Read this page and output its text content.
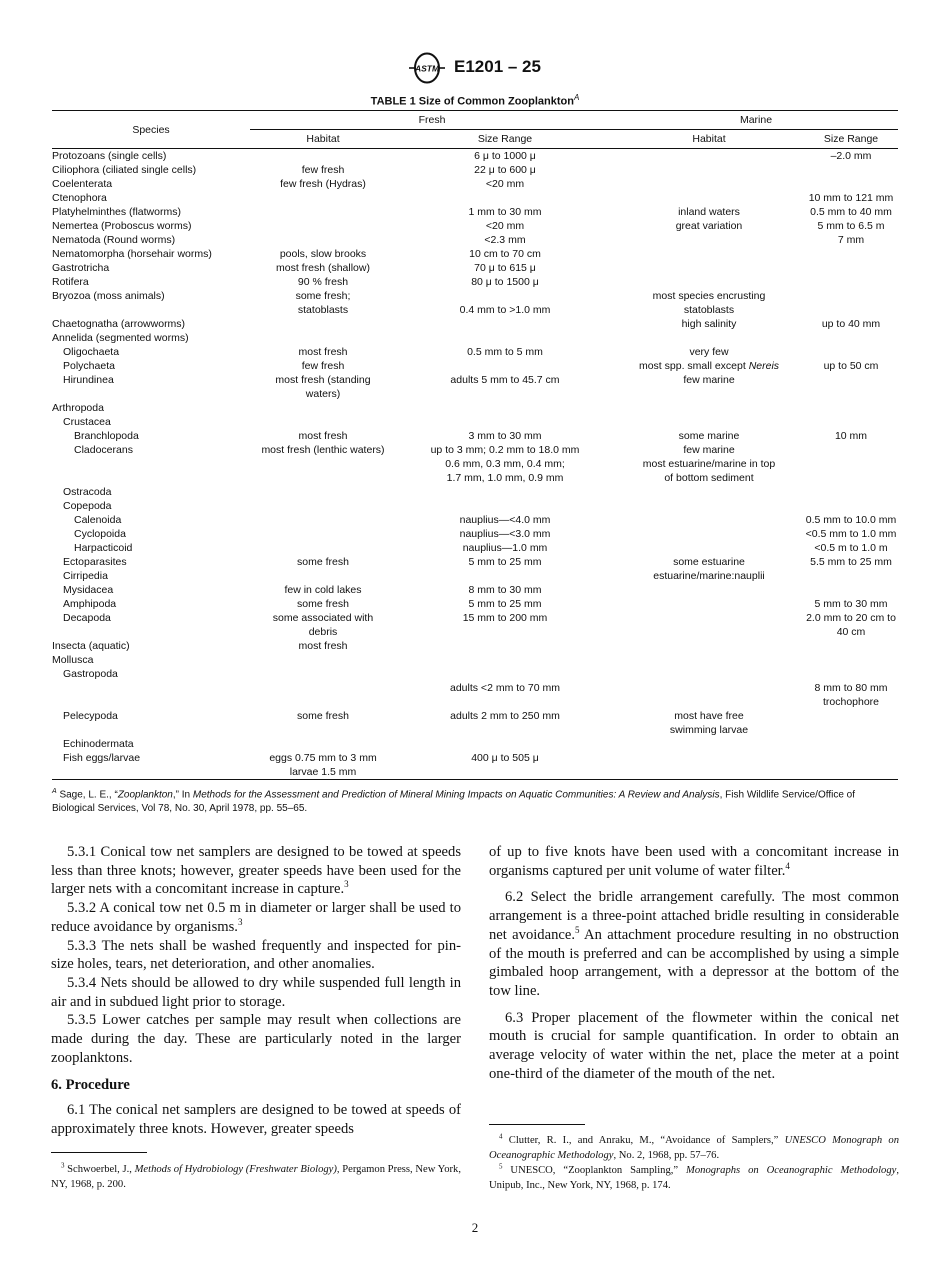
ASTM E1201 – 25
TABLE 1 Size of Common Zooplankton$^A$
Species	Fresh		Marine	
	Habitat	Size Range	Habitat	Size Range
Protozoans (single cells)		6 μ to 1000 μ		–2.0 mm
Ciliophora (ciliated single cells)	few fresh	22 μ to 600 μ		
Coelenterata	few fresh (Hydras)	<20 mm		
Ctenophora				10 mm to 121 mm
Platyhelminthes (flatworms)		1 mm to 30 mm	inland waters	0.5 mm to 40 mm
Nemertea (Proboscus worms)		<20 mm	great variation	5 mm to 6.5 m
Nematoda (Round worms)		<2.3 mm		7 mm
Nematomorpha (horsehair worms)	pools, slow brooks	10 cm to 70 cm		
Gastrotricha	most fresh (shallow)	70 μ to 615 μ		
Rotifera	90 % fresh	80 μ to 1500 μ		
Bryozoa (moss animals)	some fresh;		most species encrusting	
	statoblasts	0.4 mm to >1.0 mm	statoblasts	
Chaetognatha (arrowworms)			high salinity	up to 40 mm
Annelida (segmented worms)				
Oligochaeta	most fresh	0.5 mm to 5 mm	very few	
Polychaeta	few fresh		most spp. small except Nereis	up to 50 cm
Hirundinea	most fresh (standing	adults 5 mm to 45.7 cm	few marine	
	waters)			
Arthropoda				
Crustacea				
Branchlopoda	most fresh	3 mm to 30 mm	some marine	10 mm
Cladocerans	most fresh (lenthic waters)	up to 3 mm; 0.2 mm to 18.0 mm	few marine	
		0.6 mm, 0.3 mm, 0.4 mm;	most estuarine/marine in top	
		1.7 mm, 1.0 mm, 0.9 mm	of bottom sediment	
Ostracoda				
Copepoda				
Calenoida		nauplius—<4.0 mm		0.5 mm to 10.0 mm
Cyclopoida		nauplius—<3.0 mm		<0.5 mm to 1.0 mm
Harpacticoid		nauplius—1.0 mm		<0.5 m to 1.0 m
Ectoparasites	some fresh	5 mm to 25 mm	some estuarine	5.5 mm to 25 mm
Cirripedia			estuarine/marine:nauplii	
Mysidacea	few in cold lakes	8 mm to 30 mm		
Amphipoda	some fresh	5 mm to 25 mm		5 mm to 30 mm
Decapoda	some associated with	15 mm to 200 mm		2.0 mm to 20 cm to
	debris			40 cm
Insecta (aquatic)	most fresh			
Mollusca				
Gastropoda				
		adults <2 mm to 70 mm		8 mm to 80 mm
				trochophore
Pelecypoda	some fresh	adults 2 mm to 250 mm	most have free	
			swimming larvae	
Echinodermata				
Fish eggs/larvae	eggs 0.75 mm to 3 mm	400 μ to 505 μ		
	larvae 1.5 mm			
$^A$ Sage, L. E., “Zooplankton,” In Methods for the Assessment and Prediction of Mineral Mining Impacts on Aquatic Communities: A Review and Analysis, Fish Wildlife Service/Office of Biological Services, Vol 78, No. 30, April 1978, pp. 55–65.

5.3.1 Conical tow net samplers are designed to be towed at speeds less than three knots; however, greater speeds have been used for the larger nets with a concomitant increase in capture.$^3$

5.3.2 A conical tow net 0.5 m in diameter or larger shall be used to reduce avoidance by organisms.$^3$

5.3.3 The nets shall be washed frequently and inspected for pin-size holes, tears, net deterioration, and other anomalies.

5.3.4 Nets should be allowed to dry while suspended full length in air and in subdued light prior to storage.

5.3.5 Lower catches per sample may result when collections are made during the day. These are particularly noted in the larger zooplanktons.

6. Procedure

6.1 The conical net samplers are designed to be towed at speeds of approximately three knots. However, greater speeds

$^3$ Schwoerbel, J., Methods of Hydrobiology (Freshwater Biology), Pergamon Press, New York, NY, 1968, p. 200.

of up to five knots have been used with a concomitant increase in organisms captured per unit volume of water filter.$^4$

6.2 Select the bridle arrangement carefully. The most common arrangement is a three-point attached bridle resulting in considerable net avoidance.$^5$ An attachment procedure resulting in no obstruction of the mouth is preferred and can be accomplished by using a simple gimbaled hoop arrangement, with a depressor at the bottom of the tow line.

6.3 Proper placement of the flowmeter within the conical net mouth is crucial for sample quantification. In order to obtain an average velocity of water within the net, place the meter at a point one-third of the diameter of the mouth of the net.

$^4$ Clutter, R. I., and Anraku, M., “Avoidance of Samplers,” UNESCO Monograph on Oceanographic Methodology, No. 2, 1968, pp. 57–76.

$^5$ UNESCO, “Zooplankton Sampling,” Monographs on Oceanographic Methodology, Unipub, Inc., New York, NY, 1968, p. 174.

2
